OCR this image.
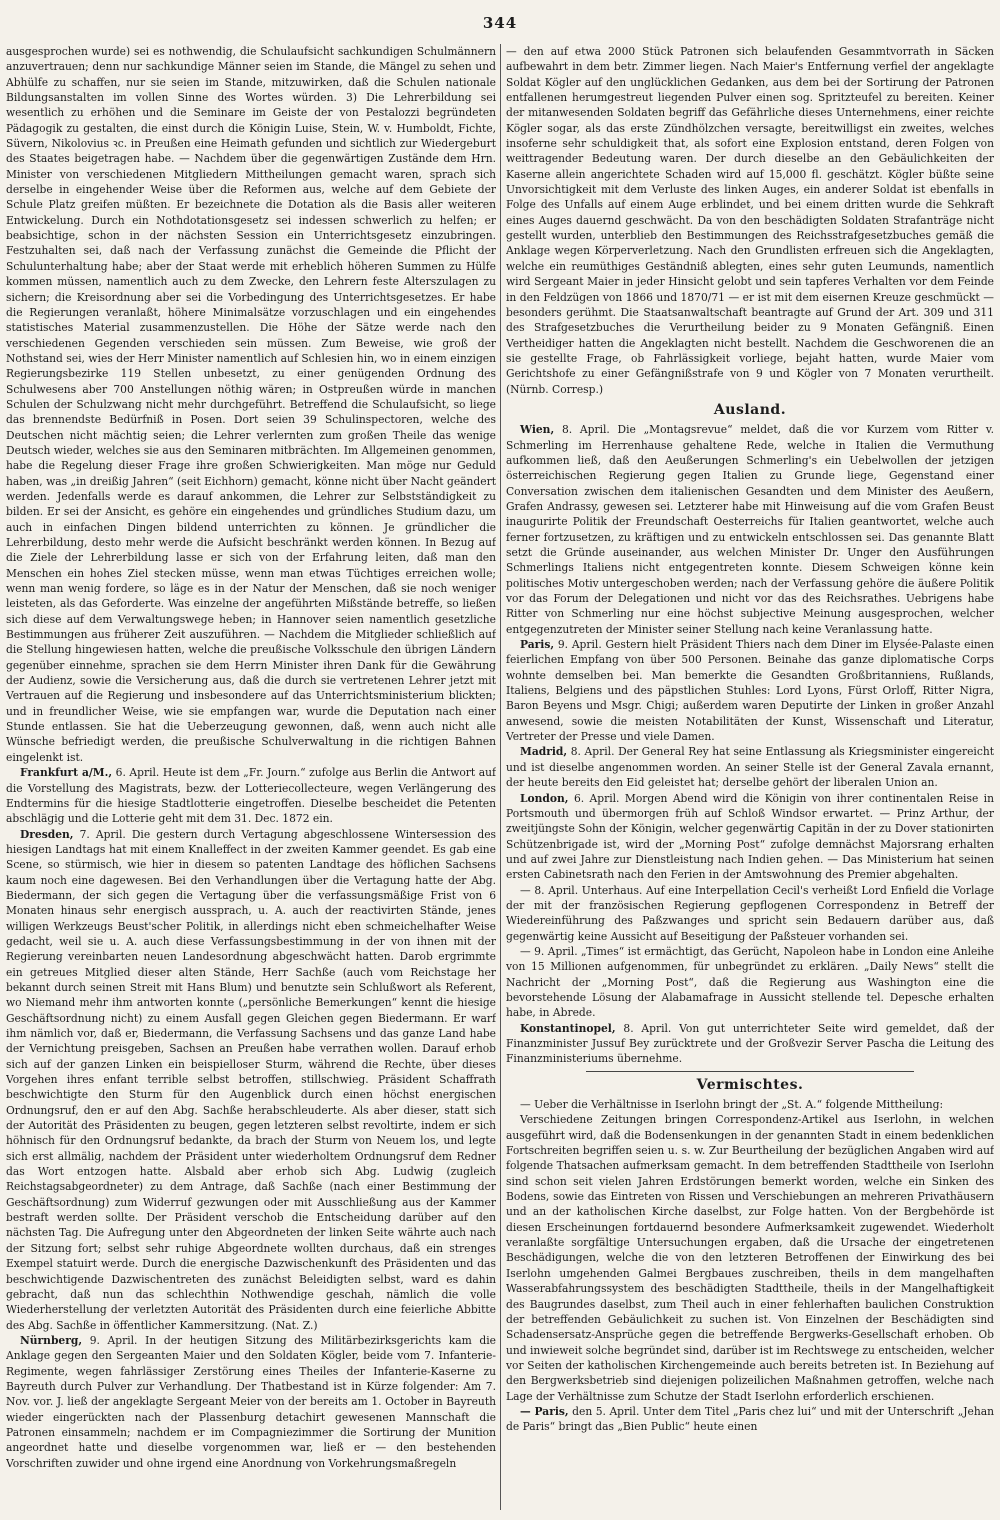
344

ausgesprochen wurde) sei es nothwendig, die Schulaufsicht sachkundigen Schulmännern anzuvertrauen; denn nur sachkundige Männer seien im Stande, die Mängel zu sehen und Abhülfe zu schaffen, nur sie seien im Stande, mitzuwirken, daß die Schulen nationale Bildungsanstalten im vollen Sinne des Wortes würden. 3) Die Lehrerbildung sei wesentlich zu erhöhen und die Seminare im Geiste der von Pestalozzi begründeten Pädagogik zu gestalten, die einst durch die Königin Luise, Stein, W. v. Humboldt, Fichte, Süvern, Nikolovius ꝛc. in Preußen eine Heimath gefunden und sichtlich zur Wiedergeburt des Staates beigetragen habe. — Nachdem über die gegenwärtigen Zustände dem Hrn. Minister von verschiedenen Mitgliedern Mittheilungen gemacht waren, sprach sich derselbe in eingehender Weise über die Reformen aus, welche auf dem Gebiete der Schule Platz greifen müßten. Er bezeichnete die Dotation als die Basis aller weiteren Entwickelung. Durch ein Nothdotationsgesetz sei indessen schwerlich zu helfen; er beabsichtige, schon in der nächsten Session ein Unterrichtsgesetz einzubringen. Festzuhalten sei, daß nach der Verfassung zunächst die Gemeinde die Pflicht der Schulunterhaltung habe; aber der Staat werde mit erheblich höheren Summen zu Hülfe kommen müssen, namentlich auch zu dem Zwecke, den Lehrern feste Alterszulagen zu sichern; die Kreisordnung aber sei die Vorbedingung des Unterrichtsgesetzes. Er habe die Regierungen veranlaßt, höhere Minimalsätze vorzuschlagen und ein eingehendes statistisches Material zusammenzustellen. Die Höhe der Sätze werde nach den verschiedenen Gegenden verschieden sein müssen. Zum Beweise, wie groß der Nothstand sei, wies der Herr Minister namentlich auf Schlesien hin, wo in einem einzigen Regierungsbezirke 119 Stellen unbesetzt, zu einer genügenden Ordnung des Schulwesens aber 700 Anstellungen nöthig wären; in Ostpreußen würde in manchen Schulen der Schulzwang nicht mehr durchgeführt. Betreffend die Schulaufsicht, so liege das brennendste Bedürfniß in Posen. Dort seien 39 Schulinspectoren, welche des Deutschen nicht mächtig seien; die Lehrer verlernten zum großen Theile das wenige Deutsch wieder, welches sie aus den Seminaren mitbrächten. Im Allgemeinen genommen, habe die Regelung dieser Frage ihre großen Schwierigkeiten. Man möge nur Geduld haben, was „in dreißig Jahren“ (seit Eichhorn) gemacht, könne nicht über Nacht geändert werden. Jedenfalls werde es darauf ankommen, die Lehrer zur Selbstständigkeit zu bilden. Er sei der Ansicht, es gehöre ein eingehendes und gründliches Studium dazu, um auch in einfachen Dingen bildend unterrichten zu können. Je gründlicher die Lehrerbildung, desto mehr werde die Aufsicht beschränkt werden können. In Bezug auf die Ziele der Lehrerbildung lasse er sich von der Erfahrung leiten, daß man den Menschen ein hohes Ziel stecken müsse, wenn man etwas Tüchtiges erreichen wolle; wenn man wenig fordere, so läge es in der Natur der Menschen, daß sie noch weniger leisteten, als das Geforderte. Was einzelne der angeführten Mißstände betreffe, so ließen sich diese auf dem Verwaltungswege heben; in Hannover seien namentlich gesetzliche Bestimmungen aus früherer Zeit auszuführen. — Nachdem die Mitglieder schließlich auf die Stellung hingewiesen hatten, welche die preußische Volksschule den übrigen Ländern gegenüber einnehme, sprachen sie dem Herrn Minister ihren Dank für die Gewährung der Audienz, sowie die Versicherung aus, daß die durch sie vertretenen Lehrer jetzt mit Vertrauen auf die Regierung und insbesondere auf das Unterrichtsministerium blickten; und in freundlicher Weise, wie sie empfangen war, wurde die Deputation nach einer Stunde entlassen. Sie hat die Ueberzeugung gewonnen, daß, wenn auch nicht alle Wünsche befriedigt werden, die preußische Schulverwaltung in die richtigen Bahnen eingelenkt ist.

Frankfurt a/M., 6. April. Heute ist dem „Fr. Journ.“ zufolge aus Berlin die Antwort auf die Vorstellung des Magistrats, bezw. der Lotteriecollecteure, wegen Verlängerung des Endtermins für die hiesige Stadtlotterie eingetroffen. Dieselbe bescheidet die Petenten abschlägig und die Lotterie geht mit dem 31. Dec. 1872 ein.

Dresden, 7. April. Die gestern durch Vertagung abgeschlossene Wintersession des hiesigen Landtags hat mit einem Knalleffect in der zweiten Kammer geendet. Es gab eine Scene, so stürmisch, wie hier in diesem so patenten Landtage des höflichen Sachsens kaum noch eine dagewesen. Bei den Verhandlungen über die Vertagung hatte der Abg. Biedermann, der sich gegen die Vertagung über die verfassungsmäßige Frist von 6 Monaten hinaus sehr energisch aussprach, u. A. auch der reactivirten Stände, jenes willigen Werkzeugs Beust'scher Politik, in allerdings nicht eben schmeichelhafter Weise gedacht, weil sie u. A. auch diese Verfassungsbestimmung in der von ihnen mit der Regierung vereinbarten neuen Landesordnung abgeschwächt hatten. Darob ergrimmte ein getreues Mitglied dieser alten Stände, Herr Sachße (auch vom Reichstage her bekannt durch seinen Streit mit Hans Blum) und benutzte sein Schlußwort als Referent, wo Niemand mehr ihm antworten konnte („persönliche Bemerkungen“ kennt die hiesige Geschäftsordnung nicht) zu einem Ausfall gegen Gleichen gegen Biedermann. Er warf ihm nämlich vor, daß er, Biedermann, die Verfassung Sachsens und das ganze Land habe der Vernichtung preisgeben, Sachsen an Preußen habe verrathen wollen. Darauf erhob sich auf der ganzen Linken ein beispielloser Sturm, während die Rechte, über dieses Vorgehen ihres enfant terrible selbst betroffen, stillschwieg. Präsident Schaffrath beschwichtigte den Sturm für den Augenblick durch einen höchst energischen Ordnungsruf, den er auf den Abg. Sachße herabschleuderte. Als aber dieser, statt sich der Autorität des Präsidenten zu beugen, gegen letzteren selbst revoltirte, indem er sich höhnisch für den Ordnungsruf bedankte, da brach der Sturm von Neuem los, und legte sich erst allmälig, nachdem der Präsident unter wiederholtem Ordnungsruf dem Redner das Wort entzogen hatte. Alsbald aber erhob sich Abg. Ludwig (zugleich Reichstagsabgeordneter) zu dem Antrage, daß Sachße (nach einer Bestimmung der Geschäftsordnung) zum Widerruf gezwungen oder mit Ausschließung aus der Kammer bestraft werden sollte. Der Präsident verschob die Entscheidung darüber auf den nächsten Tag. Die Aufregung unter den Abgeordneten der linken Seite währte auch nach der Sitzung fort; selbst sehr ruhige Abgeordnete wollten durchaus, daß ein strenges Exempel statuirt werde. Durch die energische Dazwischenkunft des Präsidenten und das beschwichtigende Dazwischentreten des zunächst Beleidigten selbst, ward es dahin gebracht, daß nun das schlechthin Nothwendige geschah, nämlich die volle Wiederherstellung der verletzten Autorität des Präsidenten durch eine feierliche Abbitte des Abg. Sachße in öffentlicher Kammersitzung. (Nat. Z.)

Nürnberg, 9. April. In der heutigen Sitzung des Militärbezirksgerichts kam die Anklage gegen den Sergeanten Maier und den Soldaten Kögler, beide vom 7. Infanterie-Regimente, wegen fahrlässiger Zerstörung eines Theiles der Infanterie-Kaserne zu Bayreuth durch Pulver zur Verhandlung. Der Thatbestand ist in Kürze folgender: Am 7. Nov. vor. J. ließ der angeklagte Sergeant Meier von der bereits am 1. October in Bayreuth wieder eingerückten nach der Plassenburg detachirt gewesenen Mannschaft die Patronen einsammeln; nachdem er im Compagniezimmer die Sortirung der Munition angeordnet hatte und dieselbe vorgenommen war, ließ er — den bestehenden Vorschriften zuwider und ohne irgend eine Anordnung von Vorkehrungsmaßregeln

— den auf etwa 2000 Stück Patronen sich belaufenden Gesammtvorrath in Säcken aufbewahrt in dem betr. Zimmer liegen. Nach Maier's Entfernung verfiel der angeklagte Soldat Kögler auf den unglücklichen Gedanken, aus dem bei der Sortirung der Patronen entfallenen herumgestreut liegenden Pulver einen sog. Spritzteufel zu bereiten. Keiner der mitanwesenden Soldaten begriff das Gefährliche dieses Unternehmens, einer reichte Kögler sogar, als das erste Zündhölzchen versagte, bereitwilligst ein zweites, welches insoferne sehr schuldigkeit that, als sofort eine Explosion entstand, deren Folgen von weittragender Bedeutung waren. Der durch dieselbe an den Gebäulichkeiten der Kaserne allein angerichtete Schaden wird auf 15,000 fl. geschätzt. Kögler büßte seine Unvorsichtigkeit mit dem Verluste des linken Auges, ein anderer Soldat ist ebenfalls in Folge des Unfalls auf einem Auge erblindet, und bei einem dritten wurde die Sehkraft eines Auges dauernd geschwächt. Da von den beschädigten Soldaten Strafanträge nicht gestellt wurden, unterblieb den Bestimmungen des Reichsstrafgesetzbuches gemäß die Anklage wegen Körperverletzung. Nach den Grundlisten erfreuen sich die Angeklagten, welche ein reumüthiges Geständniß ablegten, eines sehr guten Leumunds, namentlich wird Sergeant Maier in jeder Hinsicht gelobt und sein tapferes Verhalten vor dem Feinde in den Feldzügen von 1866 und 1870/71 — er ist mit dem eisernen Kreuze geschmückt — besonders gerühmt. Die Staatsanwaltschaft beantragte auf Grund der Art. 309 und 311 des Strafgesetzbuches die Verurtheilung beider zu 9 Monaten Gefängniß. Einen Vertheidiger hatten die Angeklagten nicht bestellt. Nachdem die Geschworenen die an sie gestellte Frage, ob Fahrlässigkeit vorliege, bejaht hatten, wurde Maier vom Gerichtshofe zu einer Gefängnißstrafe von 9 und Kögler von 7 Monaten verurtheilt. (Nürnb. Corresp.)

Ausland.

Wien, 8. April. Die „Montagsrevue“ meldet, daß die vor Kurzem vom Ritter v. Schmerling im Herrenhause gehaltene Rede, welche in Italien die Vermuthung aufkommen ließ, daß den Aeußerungen Schmerling's ein Uebelwollen der jetzigen österreichischen Regierung gegen Italien zu Grunde liege, Gegenstand einer Conversation zwischen dem italienischen Gesandten und dem Minister des Aeußern, Grafen Andrassy, gewesen sei. Letzterer habe mit Hinweisung auf die vom Grafen Beust inaugurirte Politik der Freundschaft Oesterreichs für Italien geantwortet, welche auch ferner fortzusetzen, zu kräftigen und zu entwickeln entschlossen sei. Das genannte Blatt setzt die Gründe auseinander, aus welchen Minister Dr. Unger den Ausführungen Schmerlings Italiens nicht entgegentreten konnte. Diesem Schweigen könne kein politisches Motiv untergeschoben werden; nach der Verfassung gehöre die äußere Politik vor das Forum der Delegationen und nicht vor das des Reichsrathes. Uebrigens habe Ritter von Schmerling nur eine höchst subjective Meinung ausgesprochen, welcher entgegenzutreten der Minister seiner Stellung nach keine Veranlassung hatte.

Paris, 9. April. Gestern hielt Präsident Thiers nach dem Diner im Elysée-Palaste einen feierlichen Empfang von über 500 Personen. Beinahe das ganze diplomatische Corps wohnte demselben bei. Man bemerkte die Gesandten Großbritanniens, Rußlands, Italiens, Belgiens und des päpstlichen Stuhles: Lord Lyons, Fürst Orloff, Ritter Nigra, Baron Beyens und Msgr. Chigi; außerdem waren Deputirte der Linken in großer Anzahl anwesend, sowie die meisten Notabilitäten der Kunst, Wissenschaft und Literatur, Vertreter der Presse und viele Damen.

Madrid, 8. April. Der General Rey hat seine Entlassung als Kriegsminister eingereicht und ist dieselbe angenommen worden. An seiner Stelle ist der General Zavala ernannt, der heute bereits den Eid geleistet hat; derselbe gehört der liberalen Union an.

London, 6. April. Morgen Abend wird die Königin von ihrer continentalen Reise in Portsmouth und übermorgen früh auf Schloß Windsor erwartet. — Prinz Arthur, der zweitjüngste Sohn der Königin, welcher gegenwärtig Capitän in der zu Dover stationirten Schützenbrigade ist, wird der „Morning Post“ zufolge demnächst Majorsrang erhalten und auf zwei Jahre zur Dienstleistung nach Indien gehen. — Das Ministerium hat seinen ersten Cabinetsrath nach den Ferien in der Amtswohnung des Premier abgehalten.

— 8. April. Unterhaus. Auf eine Interpellation Cecil's verheißt Lord Enfield die Vorlage der mit der französischen Regierung gepflogenen Correspondenz in Betreff der Wiedereinführung des Paßzwanges und spricht sein Bedauern darüber aus, daß gegenwärtig keine Aussicht auf Beseitigung der Paßsteuer vorhanden sei.

— 9. April. „Times“ ist ermächtigt, das Gerücht, Napoleon habe in London eine Anleihe von 15 Millionen aufgenommen, für unbegründet zu erklären. „Daily News“ stellt die Nachricht der „Morning Post“, daß die Regierung aus Washington eine die bevorstehende Lösung der Alabamafrage in Aussicht stellende tel. Depesche erhalten habe, in Abrede.

Konstantinopel, 8. April. Von gut unterrichteter Seite wird gemeldet, daß der Finanzminister Jussuf Bey zurücktrete und der Großvezir Server Pascha die Leitung des Finanzministeriums übernehme.

Vermischtes.

— Ueber die Verhältnisse in Iserlohn bringt der „St. A.“ folgende Mittheilung:

Verschiedene Zeitungen bringen Correspondenz-Artikel aus Iserlohn, in welchen ausgeführt wird, daß die Bodensenkungen in der genannten Stadt in einem bedenklichen Fortschreiten begriffen seien u. s. w. Zur Beurtheilung der bezüglichen Angaben wird auf folgende Thatsachen aufmerksam gemacht. In dem betreffenden Stadttheile von Iserlohn sind schon seit vielen Jahren Erdstörungen bemerkt worden, welche ein Sinken des Bodens, sowie das Eintreten von Rissen und Verschiebungen an mehreren Privathäusern und an der katholischen Kirche daselbst, zur Folge hatten. Von der Bergbehörde ist diesen Erscheinungen fortdauernd besondere Aufmerksamkeit zugewendet. Wiederholt veranlaßte sorgfältige Untersuchungen ergaben, daß die Ursache der eingetretenen Beschädigungen, welche die von den letzteren Betroffenen der Einwirkung des bei Iserlohn umgehenden Galmei Bergbaues zuschreiben, theils in dem mangelhaften Wasserabfahrungssystem des beschädigten Stadttheile, theils in der Mangelhaftigkeit des Baugrundes daselbst, zum Theil auch in einer fehlerhaften baulichen Construktion der betreffenden Gebäulichkeit zu suchen ist. Von Einzelnen der Beschädigten sind Schadensersatz-Ansprüche gegen die betreffende Bergwerks-Gesellschaft erhoben. Ob und inwieweit solche begründet sind, darüber ist im Rechtswege zu entscheiden, welcher vor Seiten der katholischen Kirchengemeinde auch bereits betreten ist. In Beziehung auf den Bergwerksbetrieb sind diejenigen polizeilichen Maßnahmen getroffen, welche nach Lage der Verhältnisse zum Schutze der Stadt Iserlohn erforderlich erschienen.

— Paris, den 5. April. Unter dem Titel „Paris chez lui“ und mit der Unterschrift „Jehan de Paris“ bringt das „Bien Public“ heute einen
